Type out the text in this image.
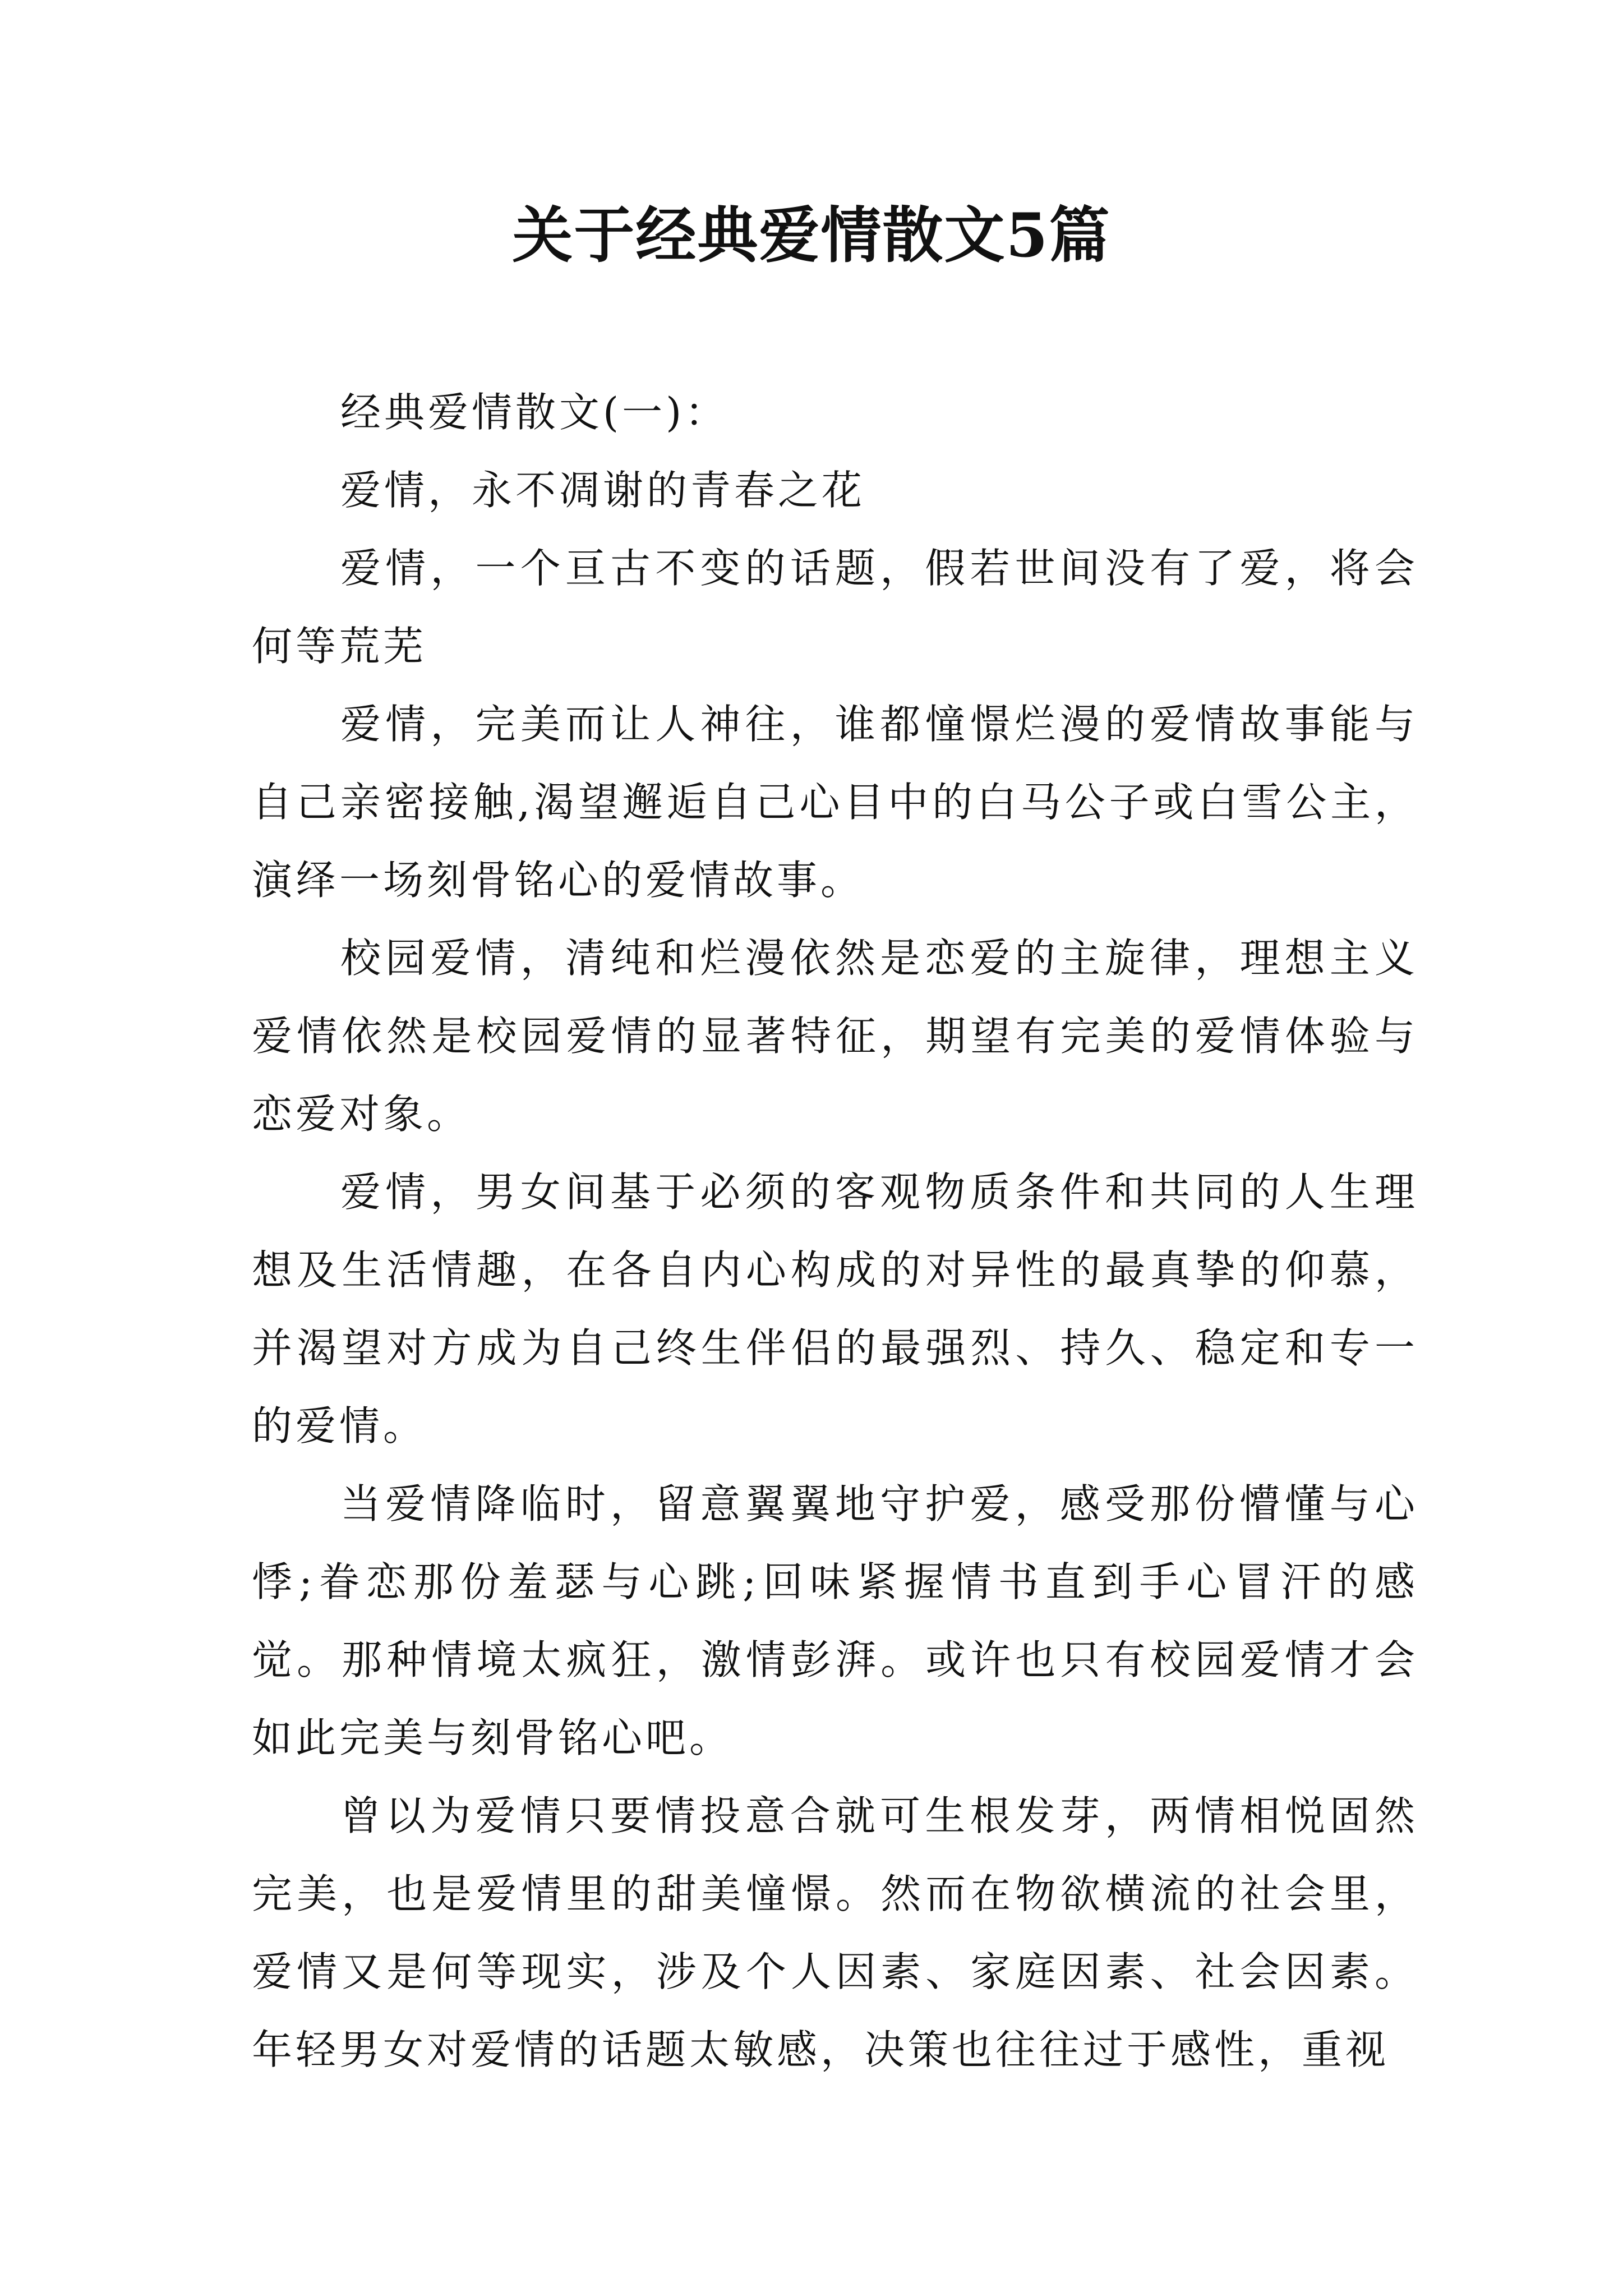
关于经典爱情散文5篇

经典爱情散文(一)：

爱情，永不凋谢的青春之花

爱情，一个亘古不变的话题，假若世间没有了爱，将会何等荒芜

爱情，完美而让人神往，谁都憧憬烂漫的爱情故事能与自己亲密接触,渴望邂逅自己心目中的白马公子或白雪公主，演绎一场刻骨铭心的爱情故事。

校园爱情，清纯和烂漫依然是恋爱的主旋律，理想主义爱情依然是校园爱情的显著特征，期望有完美的爱情体验与恋爱对象。

爱情，男女间基于必须的客观物质条件和共同的人生理想及生活情趣，在各自内心构成的对异性的最真挚的仰慕，并渴望对方成为自己终生伴侣的最强烈、持久、稳定和专一的爱情。

当爱情降临时，留意翼翼地守护爱，感受那份懵懂与心悸;眷恋那份羞瑟与心跳;回味紧握情书直到手心冒汗的感觉。那种情境太疯狂，激情彭湃。或许也只有校园爱情才会如此完美与刻骨铭心吧。

曾以为爱情只要情投意合就可生根发芽，两情相悦固然完美，也是爱情里的甜美憧憬。然而在物欲横流的社会里，爱情又是何等现实，涉及个人因素、家庭因素、社会因素。年轻男女对爱情的话题太敏感，决策也往往过于感性，重视
